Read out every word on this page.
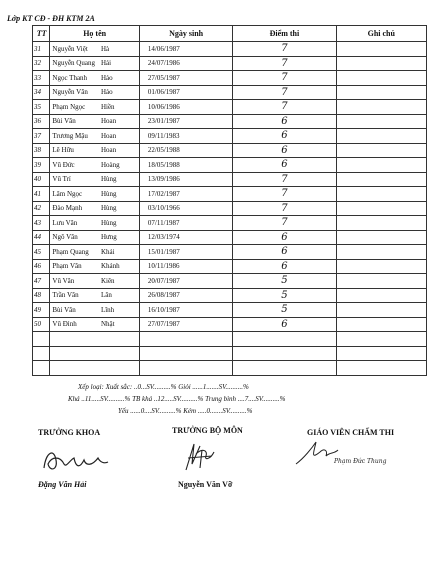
Lớp KT CĐ - ĐH KTM 2A
TT	Họ tên		Ngày sinh	Điểm thi	Ghi chú
31	Nguyễn Việt	Hà	14/06/1987	7	
32	Nguyễn Quang	Hải	24/07/1986	7	
33	Ngọc Thanh	Hảo	27/05/1987	7	
34	Nguyễn Văn	Hảo	01/06/1987	7	
35	Phạm Ngọc	Hiền	10/06/1986	7	
36	Bùi Văn	Hoan	23/01/1987	6	
37	Trương Mậu	Hoan	09/11/1983	6	
38	Lê Hữu	Hoan	22/05/1988	6	
39	Vũ Đức	Hoàng	18/05/1988	6	
40	Vũ Trí	Hùng	13/09/1986	7	
41	Lâm Ngọc	Hùng	17/02/1987	7	
42	Đào Mạnh	Hùng	03/10/1966	7	
43	Lưu Văn	Hùng	07/11/1987	7	
44	Ngô Văn	Hưng	12/03/1974	6	
45	Phạm Quang	Khải	15/01/1987	6	
46	Phạm Văn	Khánh	10/11/1986	6	
47	Vũ Văn	Kiên	20/07/1987	5	
48	Trần Văn	Lân	26/08/1987	5	
49	Bùi Văn	Lĩnh	16/10/1987	5	
50	Vũ Đình	Nhật	27/07/1987	6	

Xếp loại: Xuất sắc: ..0...SV..........% Giỏi ......1.......SV..........%
Khá ..11.....SV..........% TB khá ..12.....SV..........% Trung bình ....7....SV..........%
Yếu ......0....SV..........% Kém .....0.......SV..........%
TRƯỞNG KHOA	TRƯỞNG BỘ MÔN	GIÁO VIÊN CHẤM THI
Phạm Đức Thung
Đặng Văn Hải	Nguyễn Văn Vỡ
